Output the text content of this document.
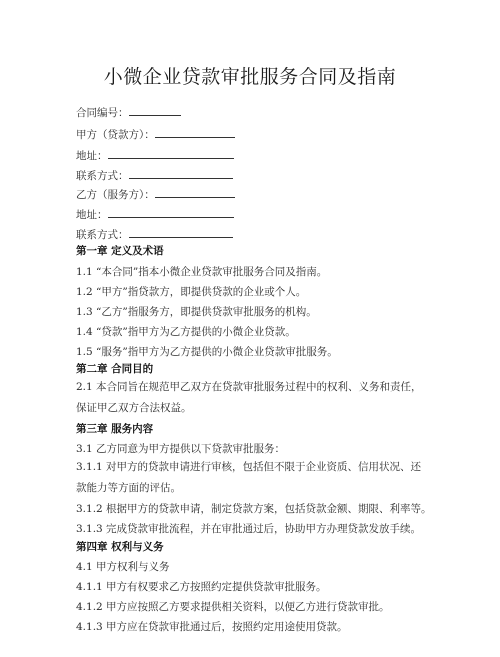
小微企业贷款审批服务合同及指南
合同编号：
甲方（贷款方）：
地址：
联系方式：
乙方（服务方）：
地址：
联系方式：
第一章 定义及术语
1.1 “本合同”指本小微企业贷款审批服务合同及指南。
1.2 “甲方”指贷款方，即提供贷款的企业或个人。
1.3 “乙方”指服务方，即提供贷款审批服务的机构。
1.4 “贷款”指甲方为乙方提供的小微企业贷款。
1.5 “服务”指甲方为乙方提供的小微企业贷款审批服务。
第二章 合同目的
2.1 本合同旨在规范甲乙双方在贷款审批服务过程中的权利、义务和责任，保证甲乙双方合法权益。
第三章 服务内容
3.1 乙方同意为甲方提供以下贷款审批服务：
3.1.1 对甲方的贷款申请进行审核，包括但不限于企业资质、信用状况、还款能力等方面的评估。
3.1.2 根据甲方的贷款申请，制定贷款方案，包括贷款金额、期限、利率等。
3.1.3 完成贷款审批流程，并在审批通过后，协助甲方办理贷款发放手续。
第四章 权利与义务
4.1 甲方权利与义务
4.1.1 甲方有权要求乙方按照约定提供贷款审批服务。
4.1.2 甲方应按照乙方要求提供相关资料，以便乙方进行贷款审批。
4.1.3 甲方应在贷款审批通过后，按照约定用途使用贷款。
